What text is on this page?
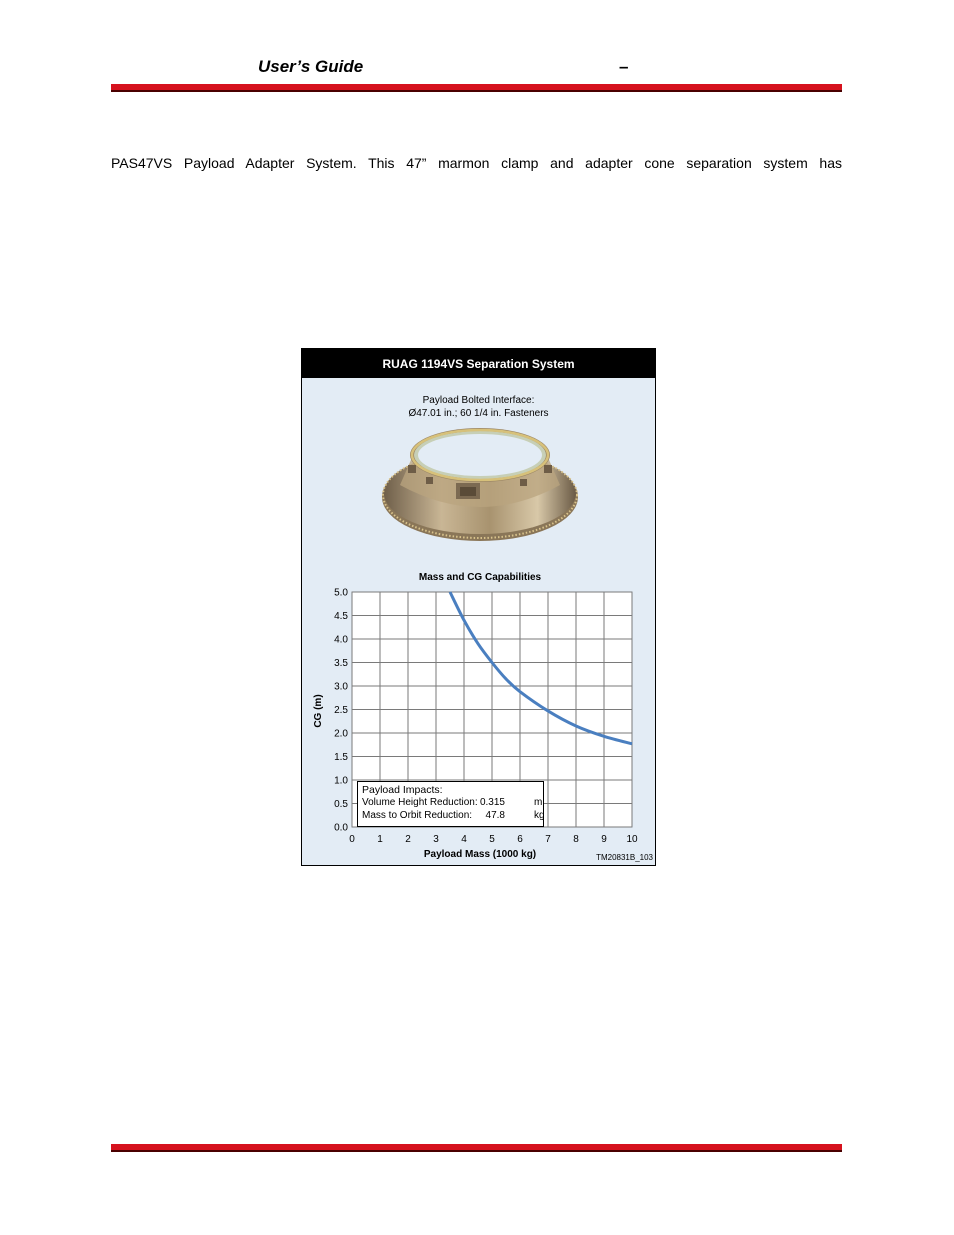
User’s Guide	–
PAS47VS Payload Adapter System. This 47” marmon clamp and adapter cone separation system has
RUAG 1194VS Separation System
Payload Bolted Interface:
Ø47.01 in.; 60 1/4 in. Fasteners
Mass and CG Capabilities
0.0
0.5
1.0
1.5
2.0
2.5
3.0
3.5
4.0
4.5
5.0
0 1 2 3 4 5 6 7 8 9 10
CG (m)
Payload Mass (1000 kg)	TM20831B_103
Payload Impacts:
Volume Height Reduction: 0.315	m
Mass to Orbit Reduction: 47.8	kg
